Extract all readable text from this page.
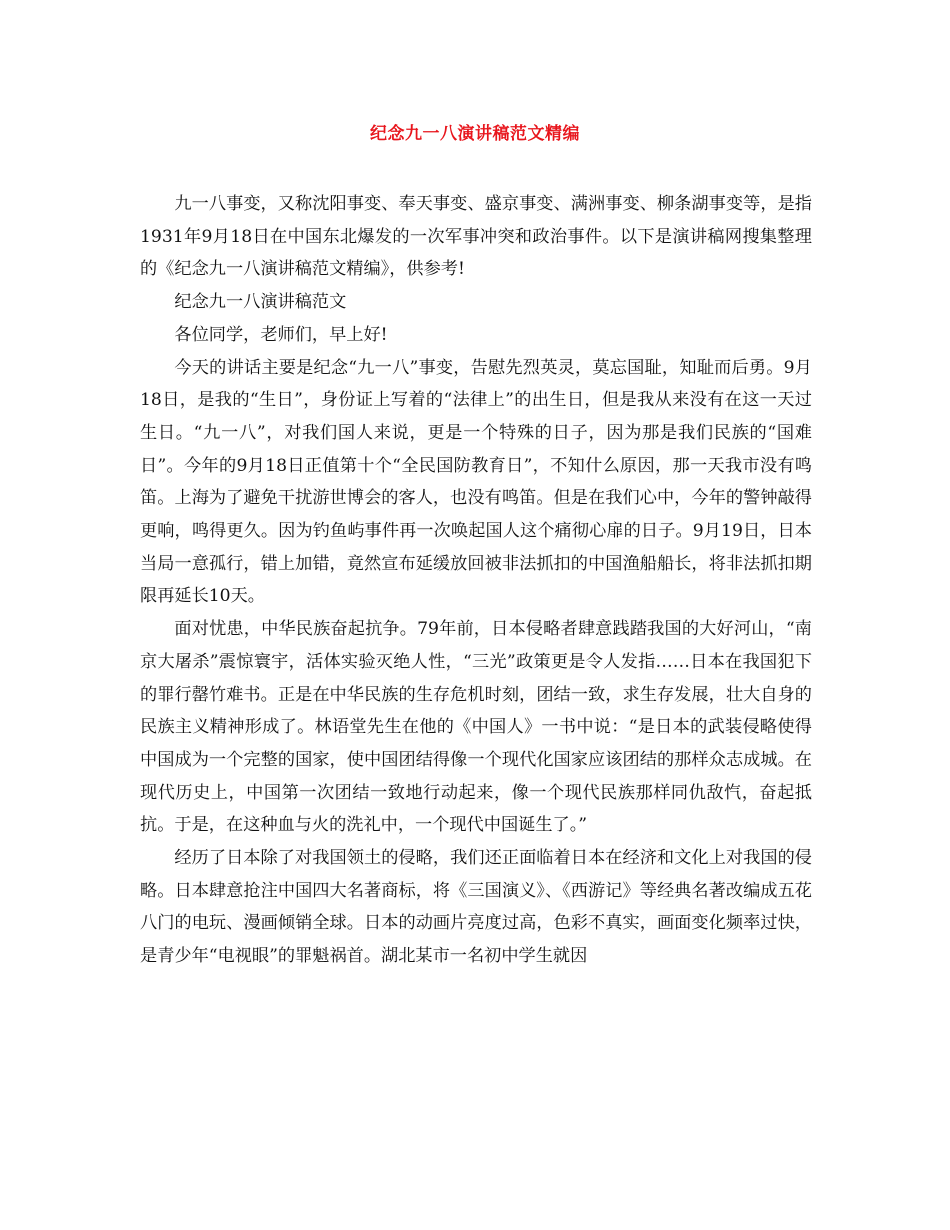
纪念九一八演讲稿范文精编

九一八事变，又称沈阳事变、奉天事变、盛京事变、满洲事变、柳条湖事变等，是指1931年9月18日在中国东北爆发的一次军事冲突和政治事件。以下是演讲稿网搜集整理的《纪念九一八演讲稿范文精编》，供参考!

纪念九一八演讲稿范文

各位同学，老师们，早上好!

今天的讲话主要是纪念“九一八”事变，告慰先烈英灵，莫忘国耻，知耻而后勇。9月18日，是我的“生日”，身份证上写着的“法律上”的出生日，但是我从来没有在这一天过生日。“九一八”，对我们国人来说，更是一个特殊的日子，因为那是我们民族的“国难日”。今年的9月18日正值第十个“全民国防教育日”，不知什么原因，那一天我市没有鸣笛。上海为了避免干扰游世博会的客人，也没有鸣笛。但是在我们心中，今年的警钟敲得更响，鸣得更久。因为钓鱼屿事件再一次唤起国人这个痛彻心扉的日子。9月19日，日本当局一意孤行，错上加错，竟然宣布延缓放回被非法抓扣的中国渔船船长，将非法抓扣期限再延长10天。

面对忧患，中华民族奋起抗争。79年前，日本侵略者肆意践踏我国的大好河山，“南京大屠杀”震惊寰宇，活体实验灭绝人性，“三光”政策更是令人发指……日本在我国犯下的罪行罄竹难书。正是在中华民族的生存危机时刻，团结一致，求生存发展，壮大自身的民族主义精神形成了。林语堂先生在他的《中国人》一书中说：“是日本的武装侵略使得中国成为一个完整的国家，使中国团结得像一个现代化国家应该团结的那样众志成城。在现代历史上，中国第一次团结一致地行动起来，像一个现代民族那样同仇敌忾，奋起抵抗。于是，在这种血与火的洗礼中，一个现代中国诞生了。”

经历了日本除了对我国领土的侵略，我们还正面临着日本在经济和文化上对我国的侵略。日本肆意抢注中国四大名著商标，将《三国演义》、《西游记》等经典名著改编成五花八门的电玩、漫画倾销全球。日本的动画片亮度过高，色彩不真实，画面变化频率过快，是青少年“电视眼”的罪魁祸首。湖北某市一名初中学生就因
